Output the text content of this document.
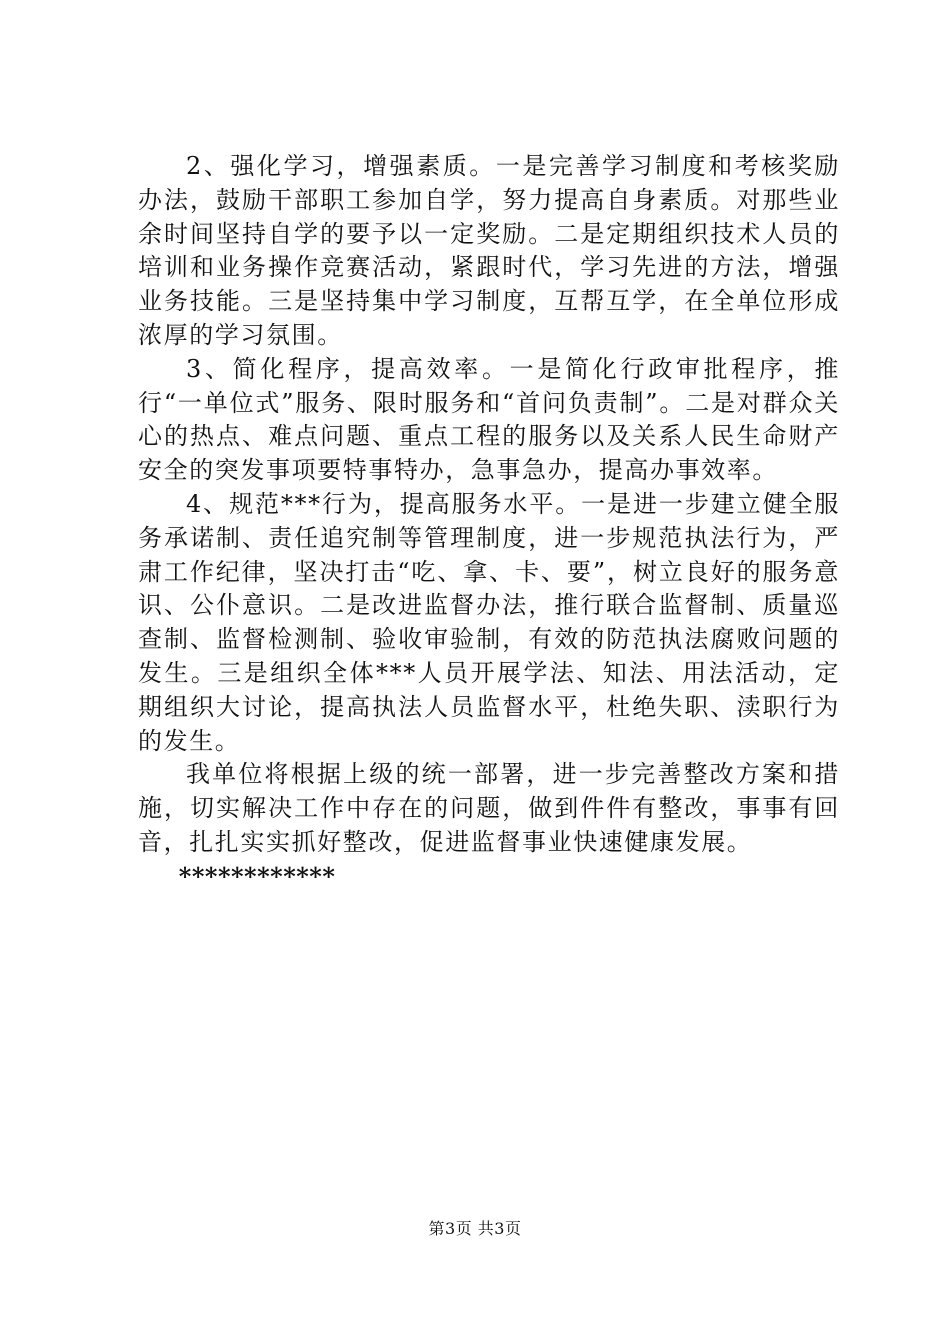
2、强化学习，增强素质。一是完善学习制度和考核奖励办法，鼓励干部职工参加自学，努力提高自身素质。对那些业余时间坚持自学的要予以一定奖励。二是定期组织技术人员的培训和业务操作竞赛活动，紧跟时代，学习先进的方法，增强业务技能。三是坚持集中学习制度，互帮互学，在全单位形成浓厚的学习氛围。

3、简化程序，提高效率。一是简化行政审批程序，推行“一单位式”服务、限时服务和“首问负责制”。二是对群众关心的热点、难点问题、重点工程的服务以及关系人民生命财产安全的突发事项要特事特办，急事急办，提高办事效率。

4、规范***行为，提高服务水平。一是进一步建立健全服务承诺制、责任追究制等管理制度，进一步规范执法行为，严肃工作纪律，坚决打击“吃、拿、卡、要”，树立良好的服务意识、公仆意识。二是改进监督办法，推行联合监督制、质量巡查制、监督检测制、验收审验制，有效的防范执法腐败问题的发生。三是组织全体***人员开展学法、知法、用法活动，定期组织大讨论，提高执法人员监督水平，杜绝失职、渎职行为的发生。

我单位将根据上级的统一部署，进一步完善整改方案和措施，切实解决工作中存在的问题，做到件件有整改，事事有回音，扎扎实实抓好整改，促进监督事业快速健康发展。

************

第3页 共3页
